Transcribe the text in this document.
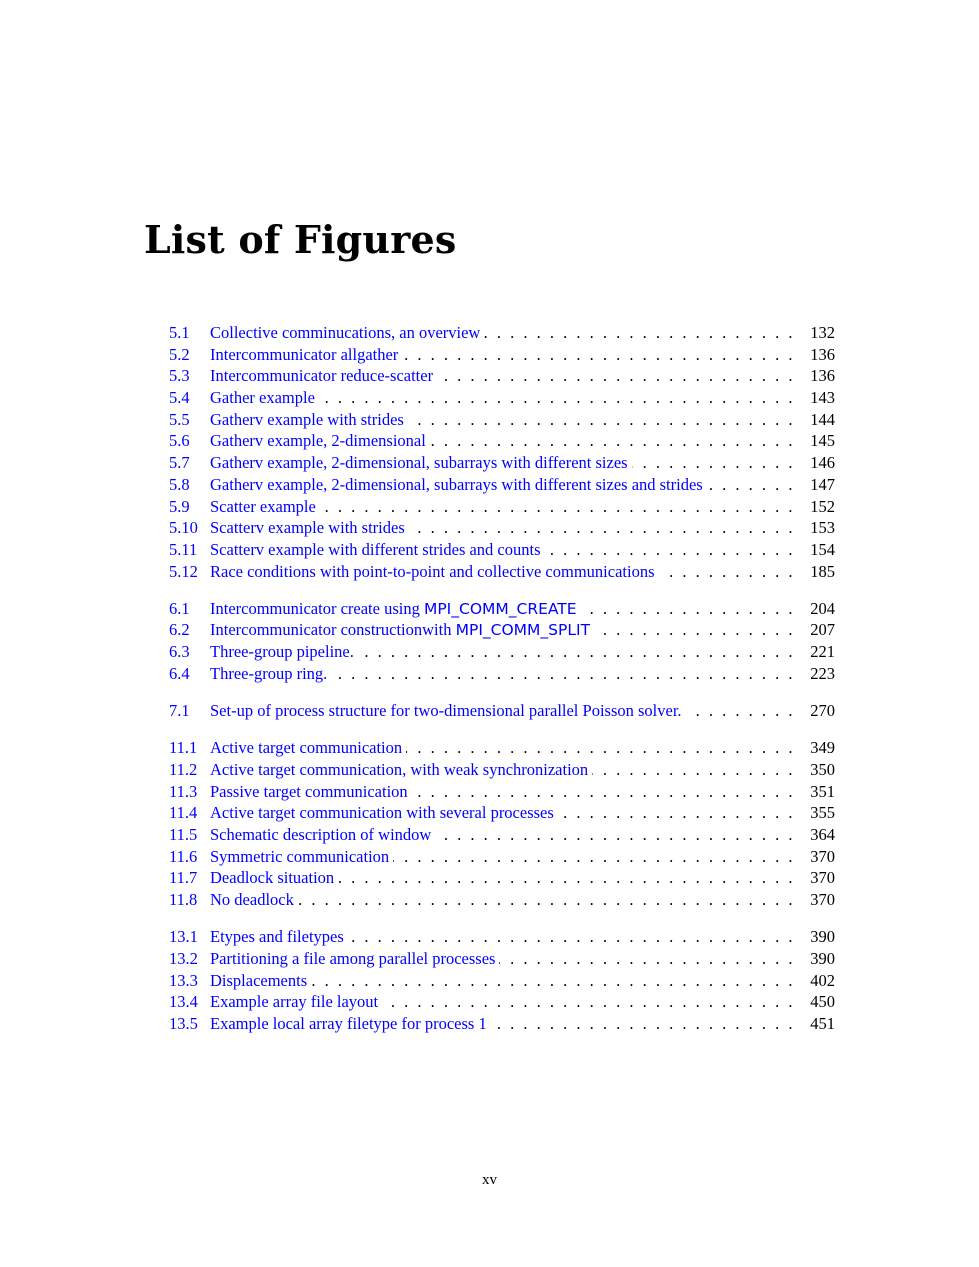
List of Figures
5.1	Collective comminucations, an overview . . .	132
5.2	Intercommunicator allgather . . .	136
5.3	Intercommunicator reduce-scatter . . .	136
5.4	Gather example . . .	143
5.5	Gatherv example with strides . . .	144
5.6	Gatherv example, 2-dimensional . . .	145
5.7	Gatherv example, 2-dimensional, subarrays with different sizes . . .	146
5.8	Gatherv example, 2-dimensional, subarrays with different sizes and strides . . .	147
5.9	Scatter example . . .	152
5.10 Scatterv example with strides . . .	153
5.11 Scatterv example with different strides and counts . . .	154
5.12 Race conditions with point-to-point and collective communications . . .	185
6.1	Intercommunicator create using MPI_COMM_CREATE . . .	204
6.2	Intercommunicator constructionwith MPI_COMM_SPLIT . . .	207
6.3	Three-group pipeline. . . .	221
6.4	Three-group ring. . . .	223
7.1	Set-up of process structure for two-dimensional parallel Poisson solver. . . .	270
11.1 Active target communication . . .	349
11.2 Active target communication, with weak synchronization . . .	350
11.3 Passive target communication . . .	351
11.4 Active target communication with several processes . . .	355
11.5 Schematic description of window . . .	364
11.6 Symmetric communication . . .	370
11.7 Deadlock situation . . .	370
11.8 No deadlock . . .	370
13.1 Etypes and filetypes . . .	390
13.2 Partitioning a file among parallel processes . . .	390
13.3 Displacements . . .	402
13.4 Example array file layout . . .	450
13.5 Example local array filetype for process 1 . . .	451
xv
